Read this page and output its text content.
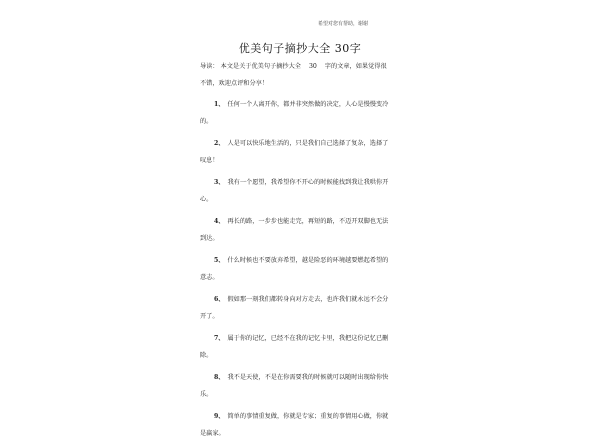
希望对您有帮助，谢谢
优美句子摘抄大全 30字
导读： 本文是关于优美句子摘抄大全 30 字的文章，如果觉得很不错，欢迎点评和分享！
1、 任何一个人离开你，都并非突然做的决定，人心是慢慢变冷的。
2、 人是可以快乐地生活的，只是我们自己选择了复杂，选择了叹息！
3、 我有一个愿望，我希望你不开心的时候能找到我让我哄你开心。
4、 再长的路，一步步也能走完，再短的路，不迈开双脚也无法到达。
5、 什么时候也不要放弃希望，越是险恶的环境越要燃起希望的意志。
6、 假如那一刻我们都转身向对方走去，也许我们就永远不会分开了。
7、 属于你的记忆，已经不在我的记忆卡里，我把这份记忆已删除。
8、 我不是天使，不是在你需要我的时候就可以随时出现给你快乐。
9、 简单的事情重复做，你就是专家；重复的事情用心做，你就是赢家。
